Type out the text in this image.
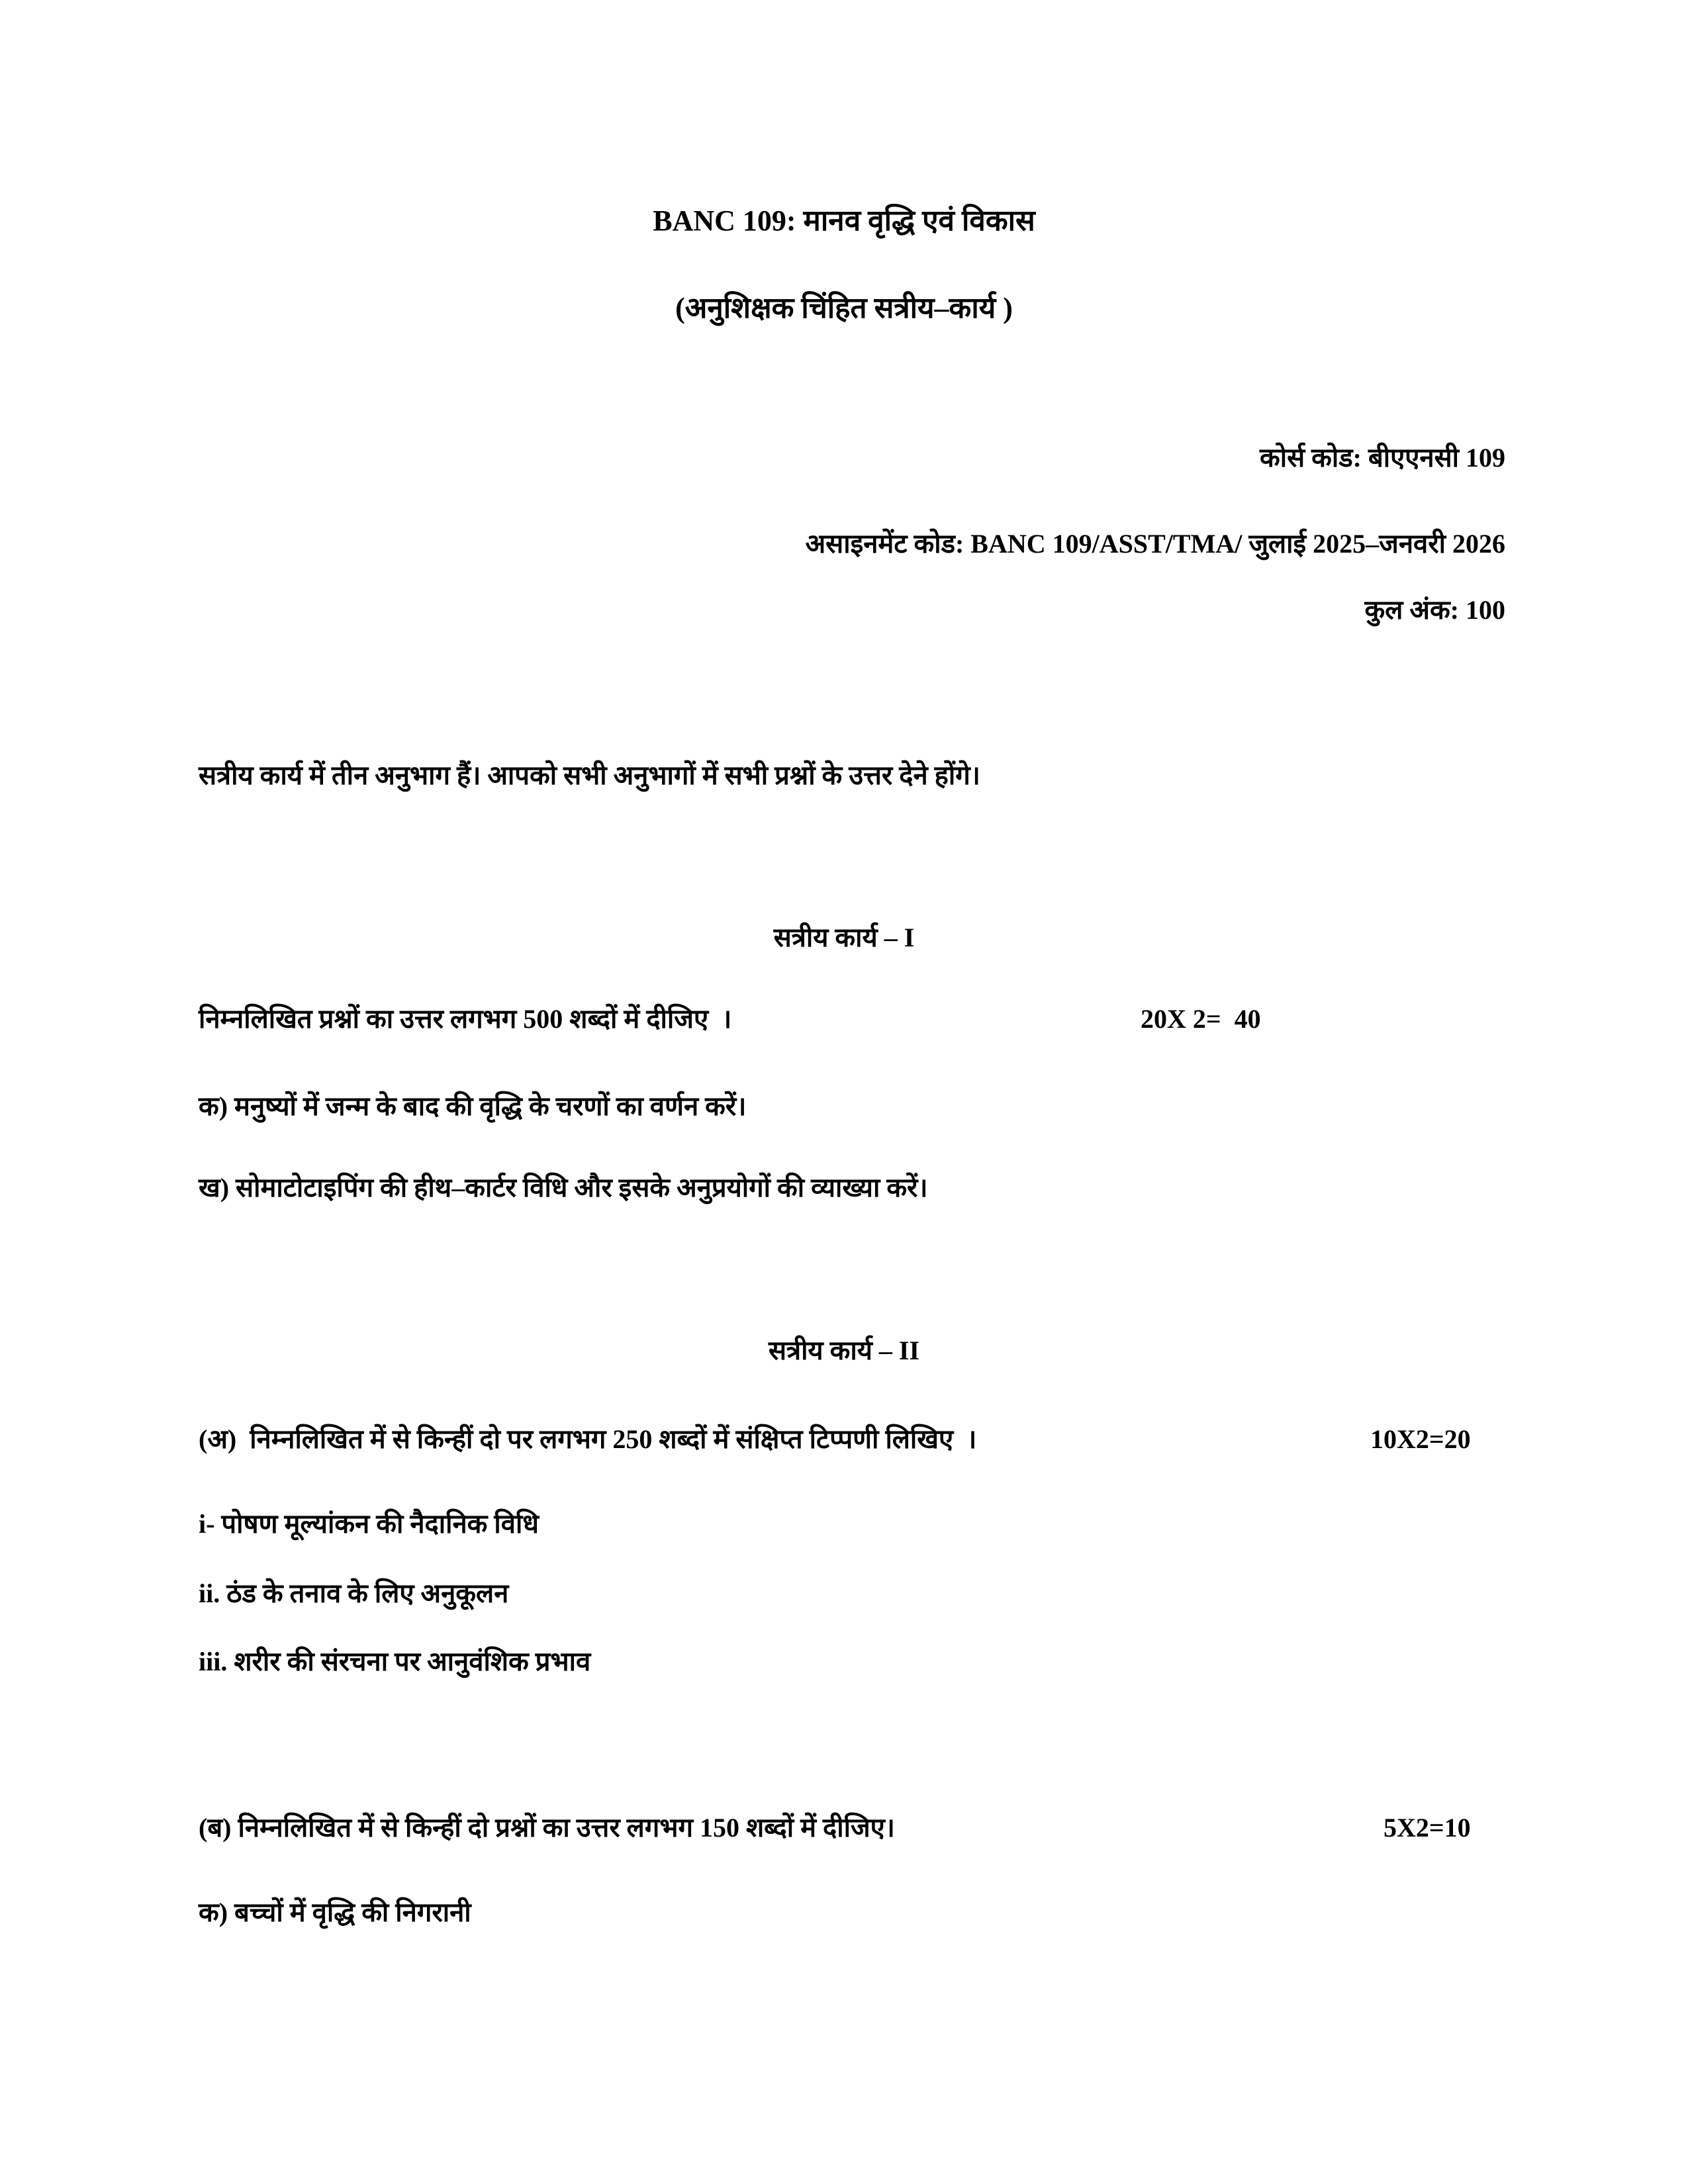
BANC 109: मानव वृद्धि एवं विकास

(अनुशिक्षक चिंहित सत्रीय–कार्य )

कोर्स कोड: बीएएनसी 109

असाइनमेंट कोड: BANC 109/ASST/TMA/ जुलाई 2025–जनवरी 2026

कुल अंक: 100

सत्रीय कार्य में तीन अनुभाग हैं। आपको सभी अनुभागों में सभी प्रश्नों के उत्तर देने होंगे।

सत्रीय कार्य – I

निम्नलिखित प्रश्नों का उत्तर लगभग 500 शब्दों में दीजिए  ।

	20X 2=  40

क) मनुष्यों में जन्म के बाद की वृद्धि के चरणों का वर्णन करें।

ख) सोमाटोटाइपिंग की हीथ–कार्टर विधि और इसके अनुप्रयोगों की व्याख्या करें।

सत्रीय कार्य – II

(अ)  निम्नलिखित में से किन्हीं दो पर लगभग 250 शब्दों में संक्षिप्त टिप्पणी लिखिए  ।

	10X2=20

i- पोषण मूल्यांकन की नैदानिक विधि

ii. ठंड के तनाव के लिए अनुकूलन

iii. शरीर की संरचना पर आनुवंशिक प्रभाव

(ब) निम्नलिखित में से किन्हीं दो प्रश्नों का उत्तर लगभग 150 शब्दों में दीजिए।

	5X2=10

क) बच्चों में वृद्धि की निगरानी
